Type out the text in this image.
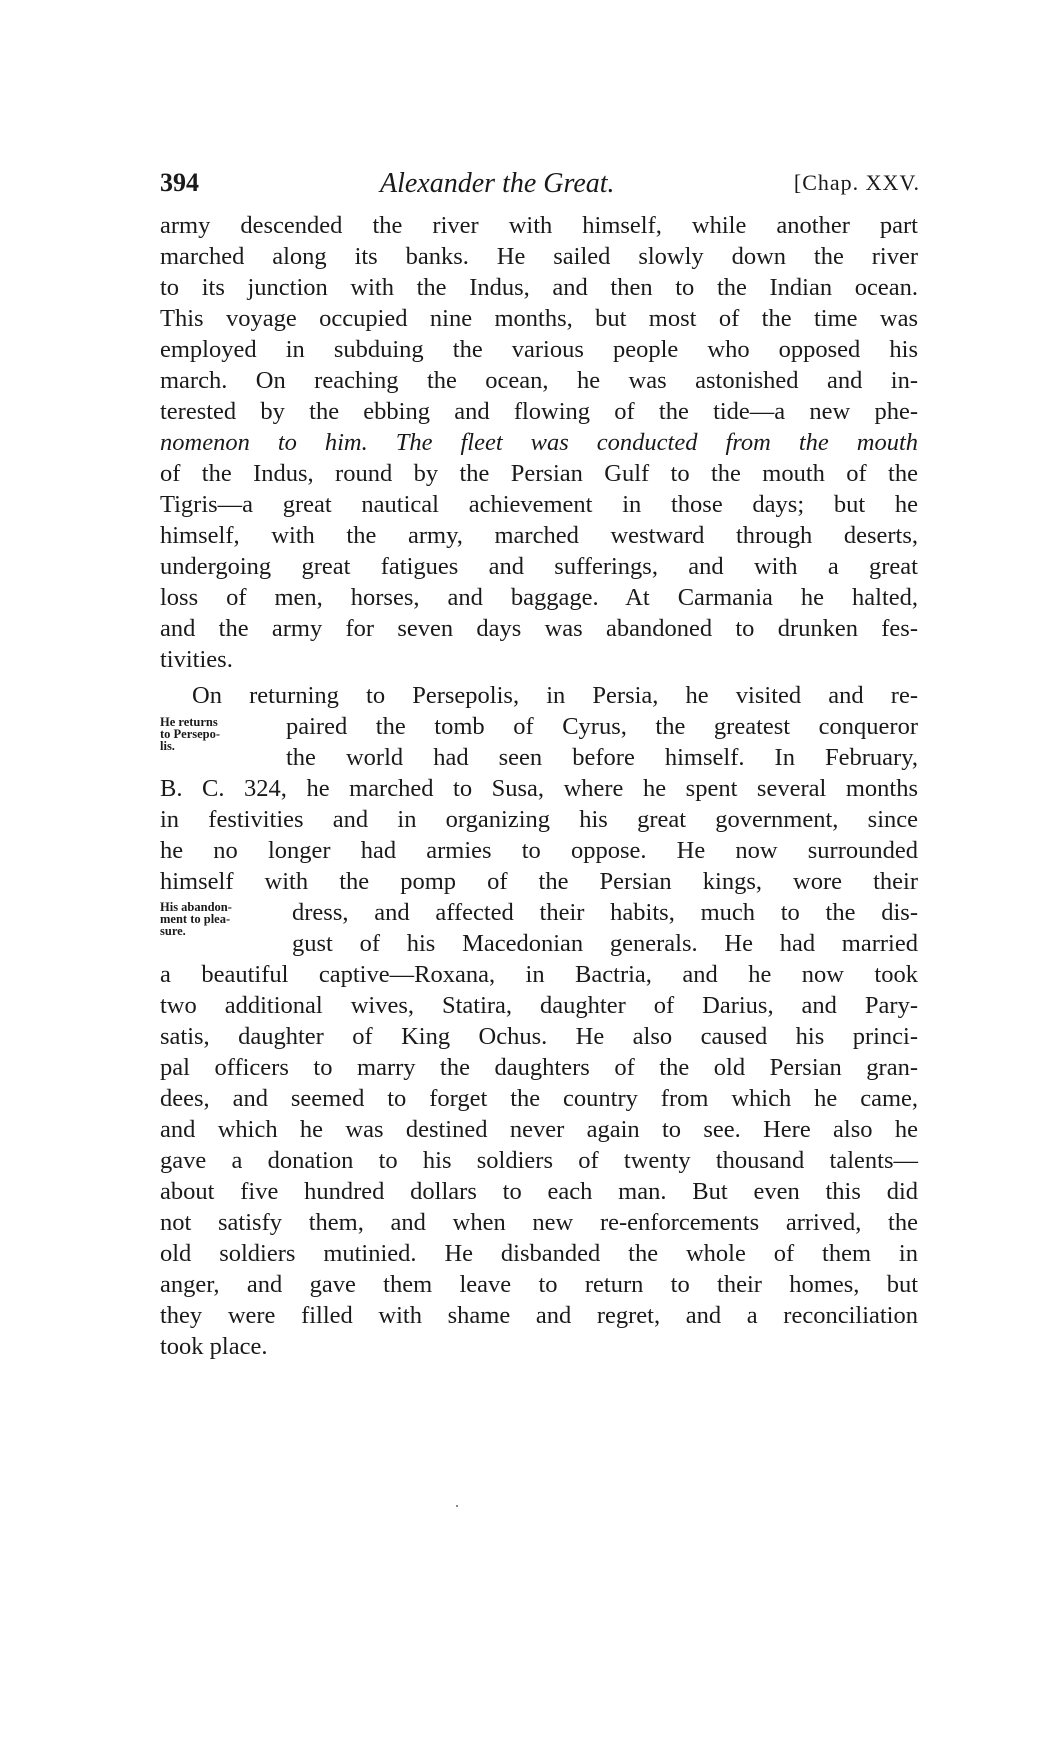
394	Alexander the Great.	[Chap. XXV.
army descended the river with himself, while another part
marched along its banks. He sailed slowly down the river
to its junction with the Indus, and then to the Indian ocean.
This voyage occupied nine months, but most of the time was
employed in subduing the various people who opposed his
march. On reaching the ocean, he was astonished and in-
terested by the ebbing and flowing of the tide—a new phe-
nomenon to him. The fleet was conducted from the mouth
of the Indus, round by the Persian Gulf to the mouth of the
Tigris—a great nautical achievement in those days; but he
himself, with the army, marched westward through deserts,
undergoing great fatigues and sufferings, and with a great
loss of men, horses, and baggage. At Carmania he halted,
and the army for seven days was abandoned to drunken fes-
tivities.
On returning to Persepolis, in Persia, he visited and re-
paired the tomb of Cyrus, the greatest conqueror
the world had seen before himself. In February,
B. C. 324, he marched to Susa, where he spent several months
in festivities and in organizing his great government, since
he no longer had armies to oppose. He now surrounded
himself with the pomp of the Persian kings, wore their
dress, and affected their habits, much to the dis-
gust of his Macedonian generals. He had married
a beautiful captive—Roxana, in Bactria, and he now took
two additional wives, Statira, daughter of Darius, and Pary-
satis, daughter of King Ochus. He also caused his princi-
pal officers to marry the daughters of the old Persian gran-
dees, and seemed to forget the country from which he came,
and which he was destined never again to see. Here also he
gave a donation to his soldiers of twenty thousand talents—
about five hundred dollars to each man. But even this did
not satisfy them, and when new re-enforcements arrived, the
old soldiers mutinied. He disbanded the whole of them in
anger, and gave them leave to return to their homes, but
they were filled with shame and regret, and a reconciliation
took place.
He returns
to Persepo-
lis.
His abandon-
ment to plea-
sure.
